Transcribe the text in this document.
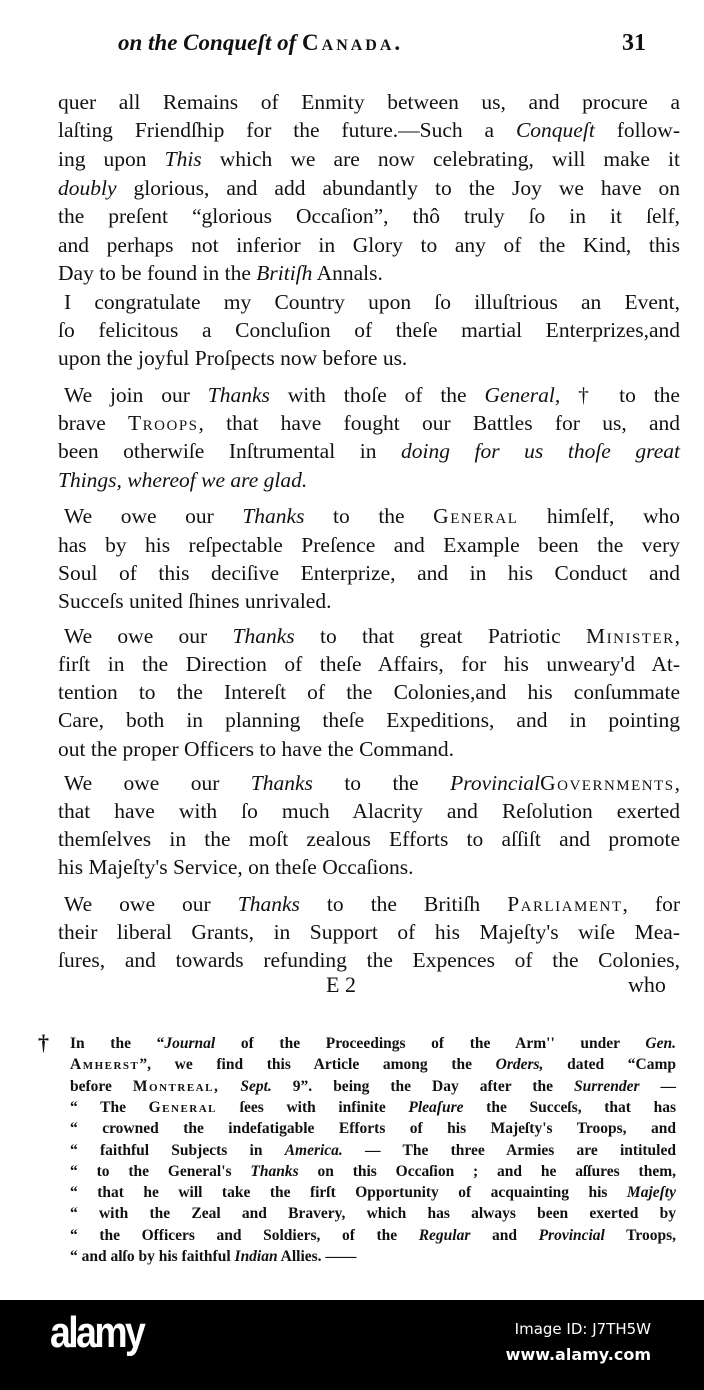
on the Conqueſt of Canada.	31
quer all Remains of Enmity between us, and procure a
laſting Friendſhip for the future.—Such a Conqueſt follow-
ing upon This which we are now celebrating, will make it
doubly glorious, and add abundantly to the Joy we have on
the preſent “glorious Occaſion”, thô truly ſo in it ſelf,
and perhaps not inferior in Glory to any of the Kind, this
Day to be found in the Britiſh Annals.
I congratulate my Country upon ſo illuſtrious an Event,
ſo felicitous a Concluſion of theſe martial Enterprizes,and
upon the joyful Proſpects now before us.
We join our Thanks with thoſe of the General, † to the
brave Troops, that have fought our Battles for us, and
been otherwiſe Inſtrumental in doing for us thoſe great
Things, whereof we are glad.
We owe our Thanks to the General himſelf, who
has by his reſpectable Preſence and Example been the very
Soul of this deciſive Enterprize, and in his Conduct and
Succeſs united ſhines unrivaled.
We owe our Thanks to that great Patriotic Minister,
firſt in the Direction of theſe Affairs, for his unweary'd At-
tention to the Intereſt of the Colonies,and his conſummate
Care, both in planning theſe Expeditions, and in pointing
out the proper Officers to have the Command.
We owe our Thanks to the ProvincialGovernments,
that have with ſo much Alacrity and Reſolution exerted
themſelves in the moſt zealous Efforts to aſſiſt and promote
his Majeſty's Service, on theſe Occaſions.
We owe our Thanks to the Britiſh Parliament, for
their liberal Grants, in Support of his Majeſty's wiſe Mea-
ſures, and towards refunding the Expences of the Colonies,
E 2	who
† In the “Journal of the Proceedings of the Arm'' under Gen.
Amherst”, we find this Article among the Orders, dated “Camp
before Montreal, Sept. 9”. being the Day after the Surrender —
“ The General ſees with infinite Pleaſure the Succeſs, that has
“ crowned the indefatigable Efforts of his Majeſty's Troops, and
“ faithful Subjects in America. — The three Armies are intituled
“ to the General's Thanks on this Occaſion ; and he aſſures them,
“ that he will take the firſt Opportunity of acquainting his Majeſty
“ with the Zeal and Bravery, which has always been exerted by
“ the Officers and Soldiers, of the Regular and Provincial Troops,
“ and alſo by his faithful Indian Allies. ——
alamy	Image ID: J7TH5W
www.alamy.com
